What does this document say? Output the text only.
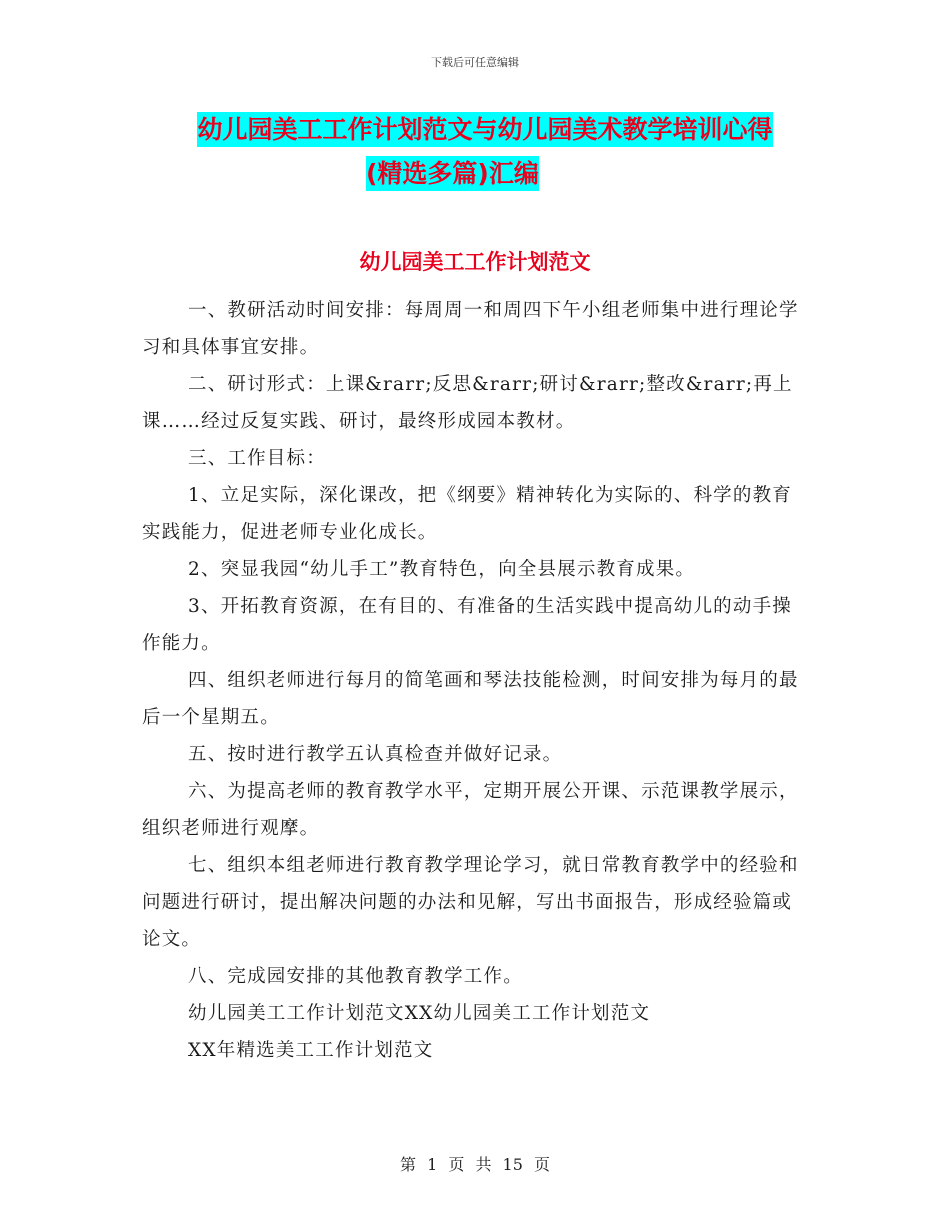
下载后可任意编辑
幼儿园美工工作计划范文与幼儿园美术教学培训心得
(精选多篇)汇编
幼儿园美工工作计划范文

一、教研活动时间安排：每周周一和周四下午小组老师集中进行理论学习和具体事宜安排。

二、研讨形式：上课&rarr;反思&rarr;研讨&rarr;整改&rarr;再上课……经过反复实践、研讨，最终形成园本教材。

三、工作目标：

1、立足实际，深化课改，把《纲要》精神转化为实际的、科学的教育实践能力，促进老师专业化成长。

2、突显我园“幼儿手工”教育特色，向全县展示教育成果。

3、开拓教育资源，在有目的、有准备的生活实践中提高幼儿的动手操作能力。

四、组织老师进行每月的简笔画和琴法技能检测，时间安排为每月的最后一个星期五。

五、按时进行教学五认真检查并做好记录。

六、为提高老师的教育教学水平，定期开展公开课、示范课教学展示，组织老师进行观摩。

七、组织本组老师进行教育教学理论学习，就日常教育教学中的经验和问题进行研讨，提出解决问题的办法和见解，写出书面报告，形成经验篇或论文。

八、完成园安排的其他教育教学工作。

幼儿园美工工作计划范文XX幼儿园美工工作计划范文

XX年精选美工工作计划范文

第 1 页 共 15 页
